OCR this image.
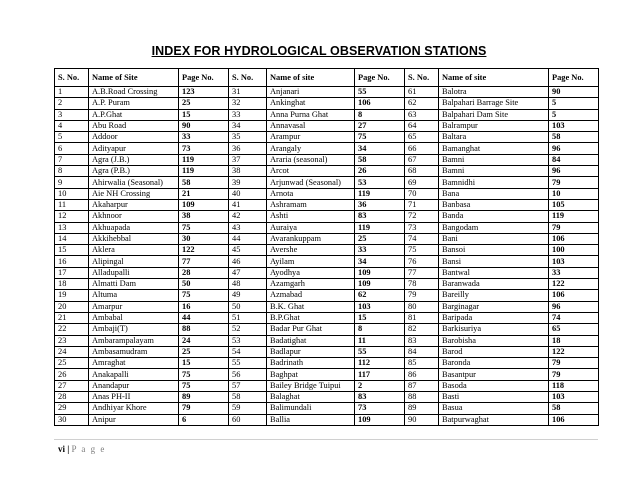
INDEX FOR HYDROLOGICAL OBSERVATION STATIONS
S. No.	Name of Site	Page No.	S. No.	Name of site	Page No.	S. No.	Name of site	Page No.
1	A.B.Road Crossing	123	31	Anjanari	55	61	Balotra	90
2	A.P. Puram	25	32	Ankinghat	106	62	Balpahari Barrage Site	5
3	A.P.Ghat	15	33	Anna Purna Ghat	8	63	Balpahari Dam Site	5
4	Abu Road	90	34	Annavasal	27	64	Balrampur	103
5	Addoor	33	35	Arampur	75	65	Baltara	58
6	Adityapur	73	36	Arangaly	34	66	Bamanghat	96
7	Agra (J.B.)	119	37	Araria (seasonal)	58	67	Bamni	84
8	Agra (P.B.)	119	38	Arcot	26	68	Bamni	96
9	Ahirwalia (Seasonal)	58	39	Arjunwad (Seasonal)	53	69	Bamnidhi	79
10	Aie NH Crossing	21	40	Arnota	119	70	Bana	10
11	Akaharpur	109	41	Ashramam	36	71	Banbasa	105
12	Akhnoor	38	42	Ashti	83	72	Banda	119
13	Akhuapada	75	43	Auraiya	119	73	Bangodam	79
14	Akkihebbal	30	44	Avarankuppam	25	74	Bani	106
15	Aklera	122	45	Avershe	33	75	Bansoi	100
16	Alipingal	77	46	Ayilam	34	76	Bansi	103
17	Alladupalli	28	47	Ayodhya	109	77	Bantwal	33
18	Almatti Dam	50	48	Azamgarh	109	78	Baranwada	122
19	Altuma	75	49	Azmabad	62	79	Bareilly	106
20	Amarpur	16	50	B.K. Ghat	103	80	Barginagar	96
21	Ambabal	44	51	B.P.Ghat	15	81	Baripada	74
22	Ambaji(T)	88	52	Badar Pur Ghat	8	82	Barkisuriya	65
23	Ambarampalayam	24	53	Badatighat	11	83	Barobisha	18
24	Ambasamudram	25	54	Badlapur	55	84	Barod	122
25	Amraghat	15	55	Badrinath	112	85	Baronda	79
26	Anakapalli	75	56	Baghpat	117	86	Basantpur	79
27	Anandapur	75	57	Bailey Bridge Tuipui	2	87	Basoda	118
28	Anas PH-II	89	58	Balaghat	83	88	Basti	103
29	Andhiyar Khore	79	59	Balimundali	73	89	Basua	58
30	Anipur	6	60	Ballia	109	90	Batpurwaghat	106
vi | P a g e
